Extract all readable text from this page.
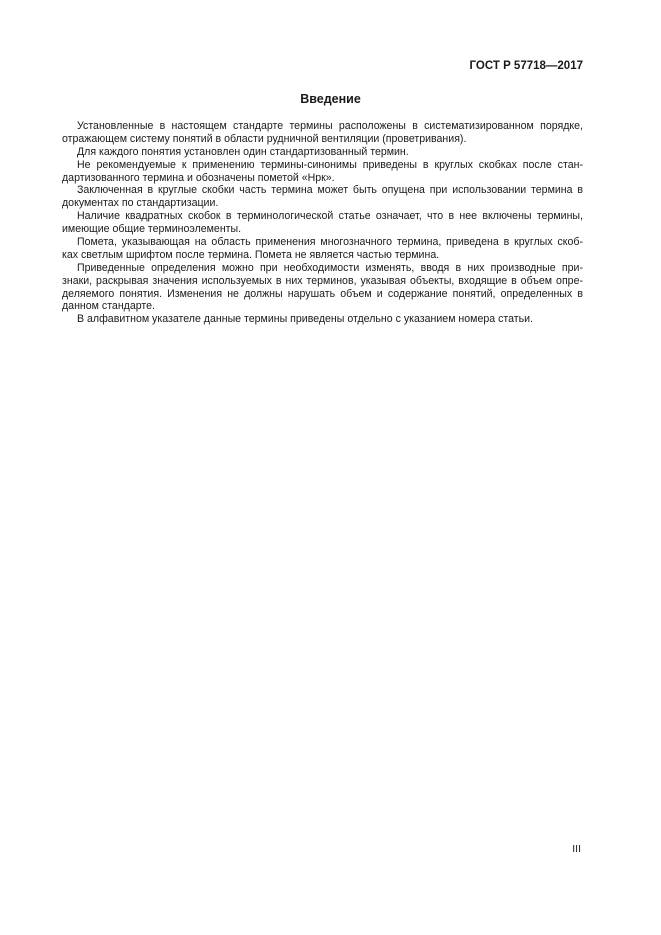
ГОСТ Р 57718—2017
Введение
Установленные в настоящем стандарте термины расположены в систематизированном порядке,
отражающем систему понятий в области рудничной вентиляции (проветривания).
Для каждого понятия установлен один стандартизованный термин.
Не рекомендуемые к применению термины-синонимы приведены в круглых скобках после стан-
дартизованного термина и обозначены пометой «Нрк».
Заключенная в круглые скобки часть термина может быть опущена при использовании термина в
документах по стандартизации.
Наличие квадратных скобок в терминологической статье означает, что в нее включены термины,
имеющие общие терминоэлементы.
Помета, указывающая на область применения многозначного термина, приведена в круглых скоб-
ках светлым шрифтом после термина. Помета не является частью термина.
Приведенные определения можно при необходимости изменять, вводя в них производные при-
знаки, раскрывая значения используемых в них терминов, указывая объекты, входящие в объем опре-
деляемого понятия. Изменения не должны нарушать объем и содержание понятий, определенных в
данном стандарте.
В алфавитном указателе данные термины приведены отдельно с указанием номера статьи.
III
